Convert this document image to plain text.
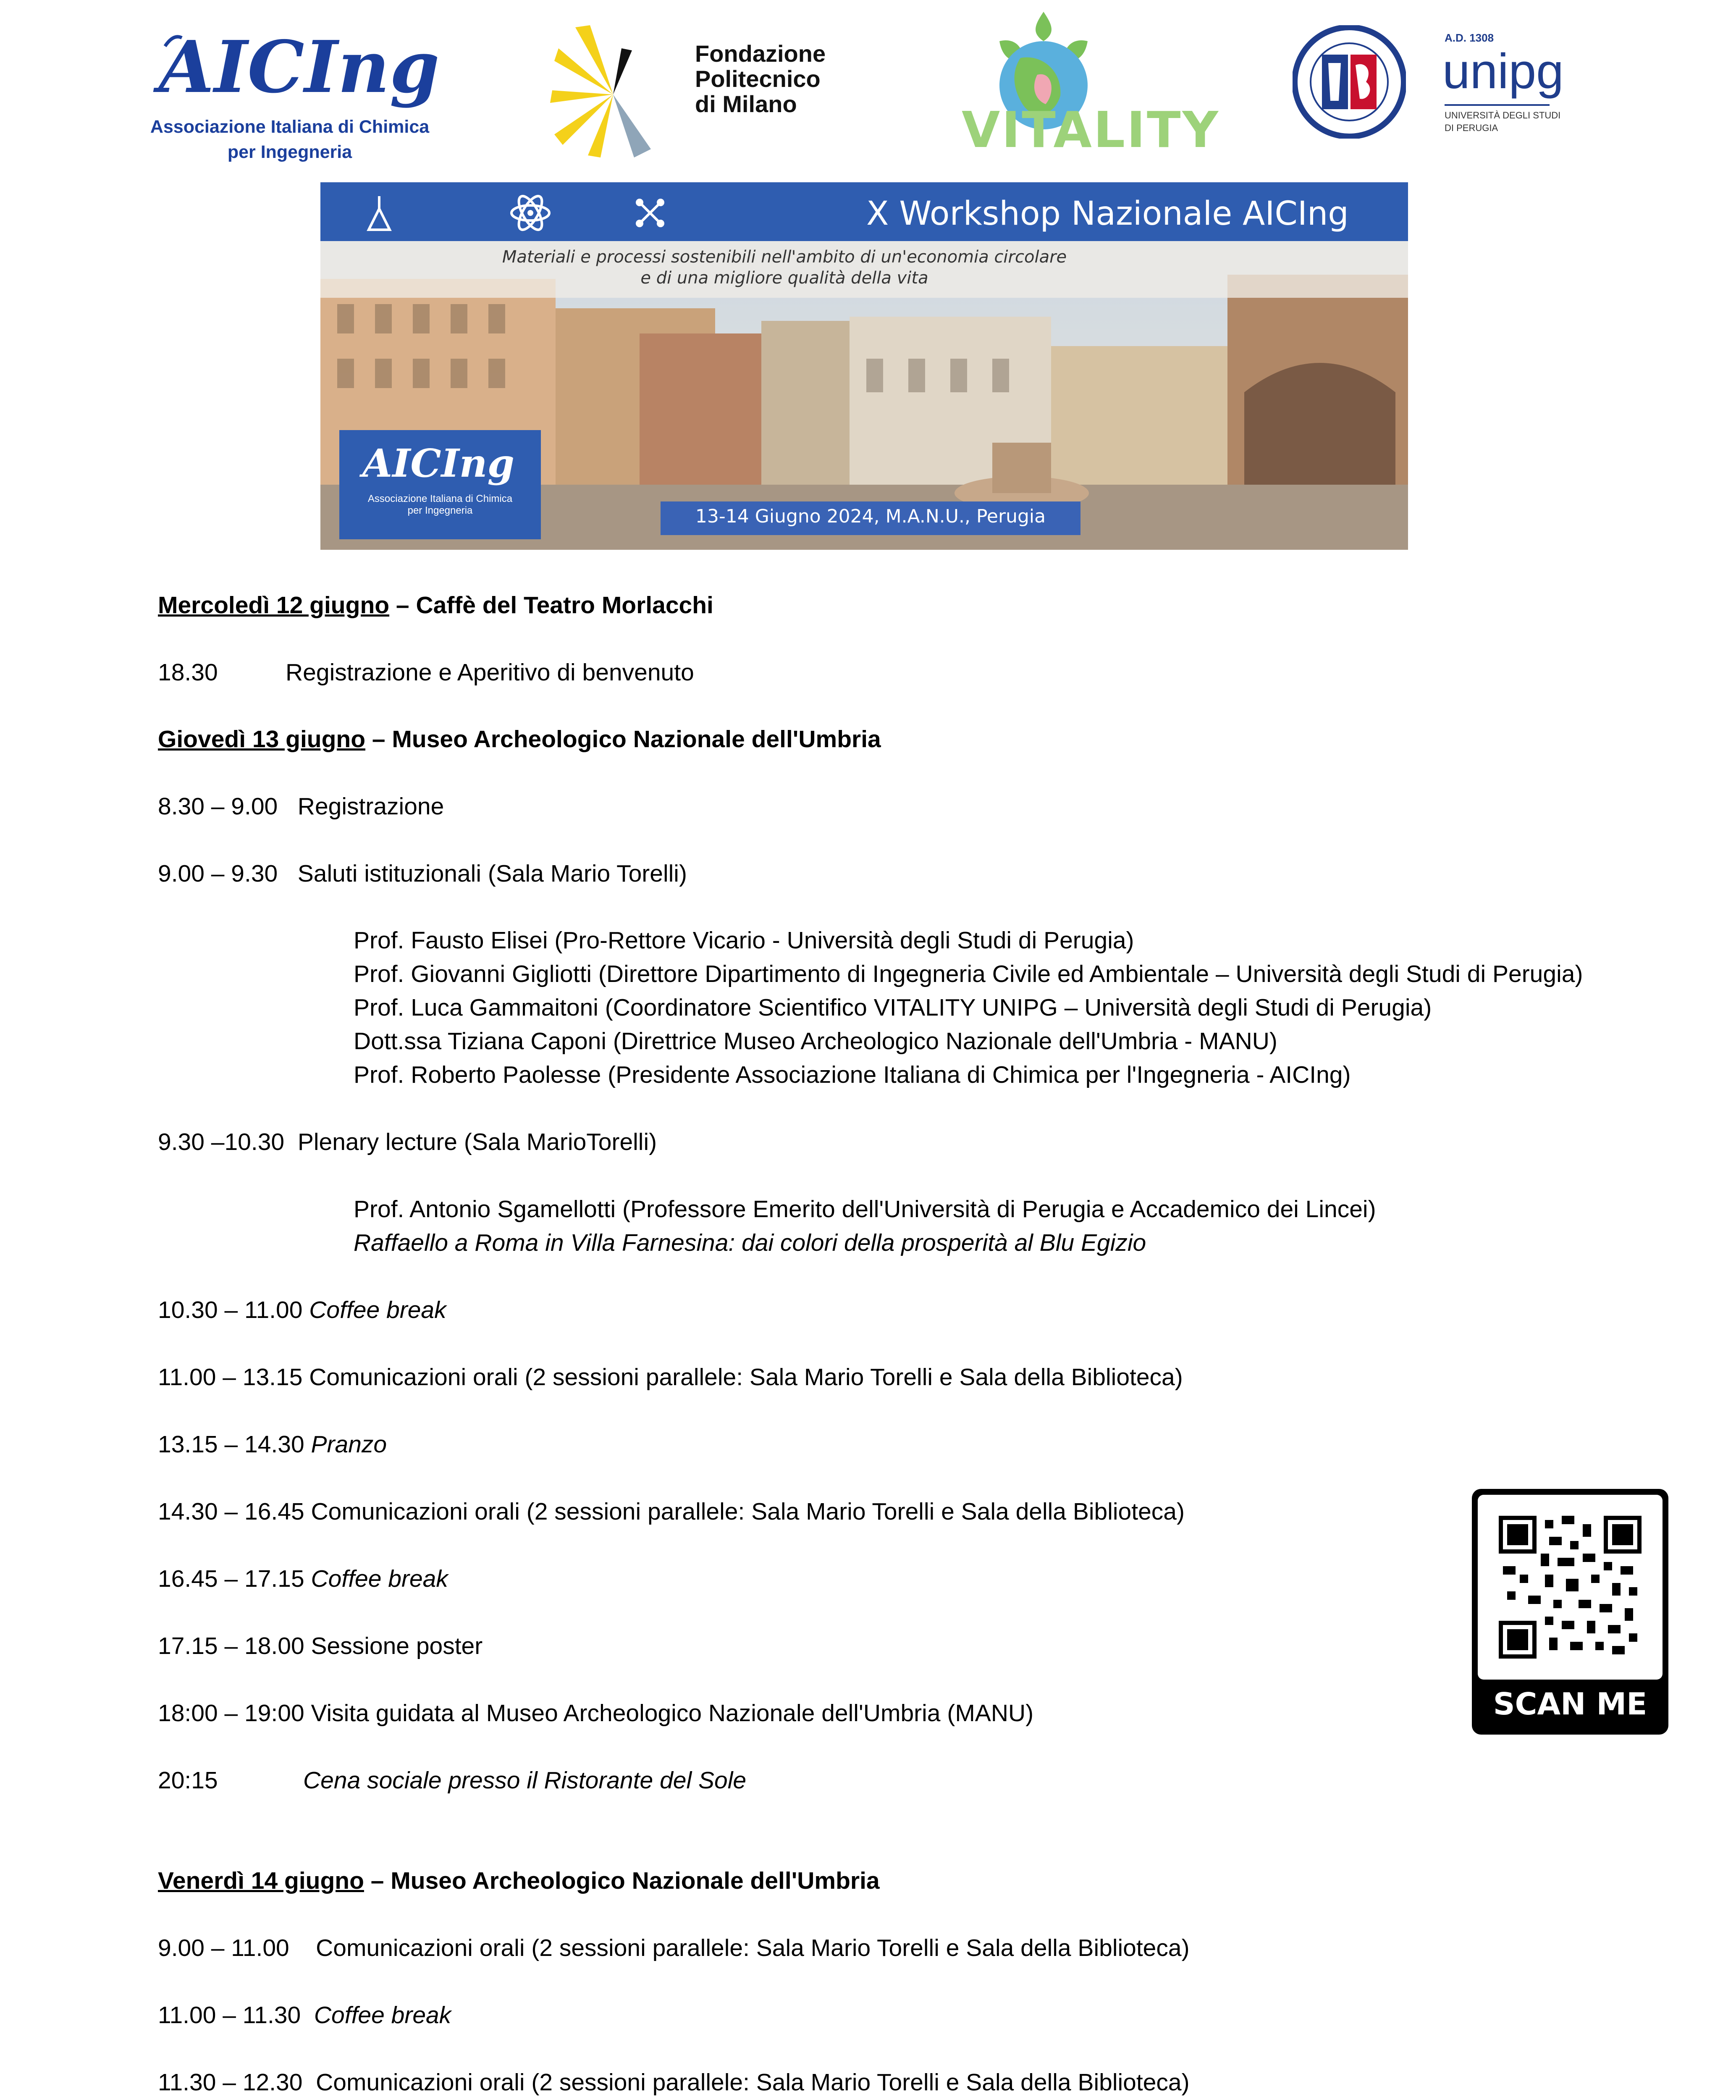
AICIng
Associazione Italiana di Chimica
per Ingegneria
Fondazione
Politecnico
di Milano	VITALITY
A.D. 1308
unipg
UNIVERSITÀ DEGLI STUDI
DI PERUGIA
X Workshop Nazionale AICIng
Materiali e processi sostenibili nell'ambito di un'economia circolare
e di una migliore qualità della vita
AICIng
Associazione Italiana di Chimica
per Ingegneria	13-14 Giugno 2024, M.A.N.U., Perugia
Mercoledì 12 giugno – Caffè del Teatro Morlacchi
18.30	Registrazione e Aperitivo di benvenuto
Giovedì 13 giugno – Museo Archeologico Nazionale dell'Umbria
8.30 – 9.00 Registrazione
9.00 – 9.30 Saluti istituzionali (Sala Mario Torelli)
Prof. Fausto Elisei (Pro-Rettore Vicario - Università degli Studi di Perugia)
Prof. Giovanni Gigliotti (Direttore Dipartimento di Ingegneria Civile ed Ambientale – Università degli Studi di Perugia)
Prof. Luca Gammaitoni (Coordinatore Scientifico VITALITY UNIPG – Università degli Studi di Perugia)
Dott.ssa Tiziana Caponi (Direttrice Museo Archeologico Nazionale dell'Umbria - MANU)
Prof. Roberto Paolesse (Presidente Associazione Italiana di Chimica per l'Ingegneria - AICIng)
9.30 –10.30 Plenary lecture (Sala MarioTorelli)
Prof. Antonio Sgamellotti (Professore Emerito dell'Università di Perugia e Accademico dei Lincei)
Raffaello a Roma in Villa Farnesina: dai colori della prosperità al Blu Egizio
10.30 – 11.00 Coffee break
11.00 – 13.15 Comunicazioni orali (2 sessioni parallele: Sala Mario Torelli e Sala della Biblioteca)
13.15 – 14.30 Pranzo
14.30 – 16.45 Comunicazioni orali (2 sessioni parallele: Sala Mario Torelli e Sala della Biblioteca)
16.45 – 17.15 Coffee break
17.15 – 18.00 Sessione poster
18:00 – 19:00 Visita guidata al Museo Archeologico Nazionale dell'Umbria (MANU)
20:15	Cena sociale presso il Ristorante del Sole
Venerdì 14 giugno – Museo Archeologico Nazionale dell'Umbria
9.00 – 11.00 Comunicazioni orali (2 sessioni parallele: Sala Mario Torelli e Sala della Biblioteca)
11.00 – 11.30 Coffee break
11.30 – 12.30 Comunicazioni orali (2 sessioni parallele: Sala Mario Torelli e Sala della Biblioteca)

SCAN ME
